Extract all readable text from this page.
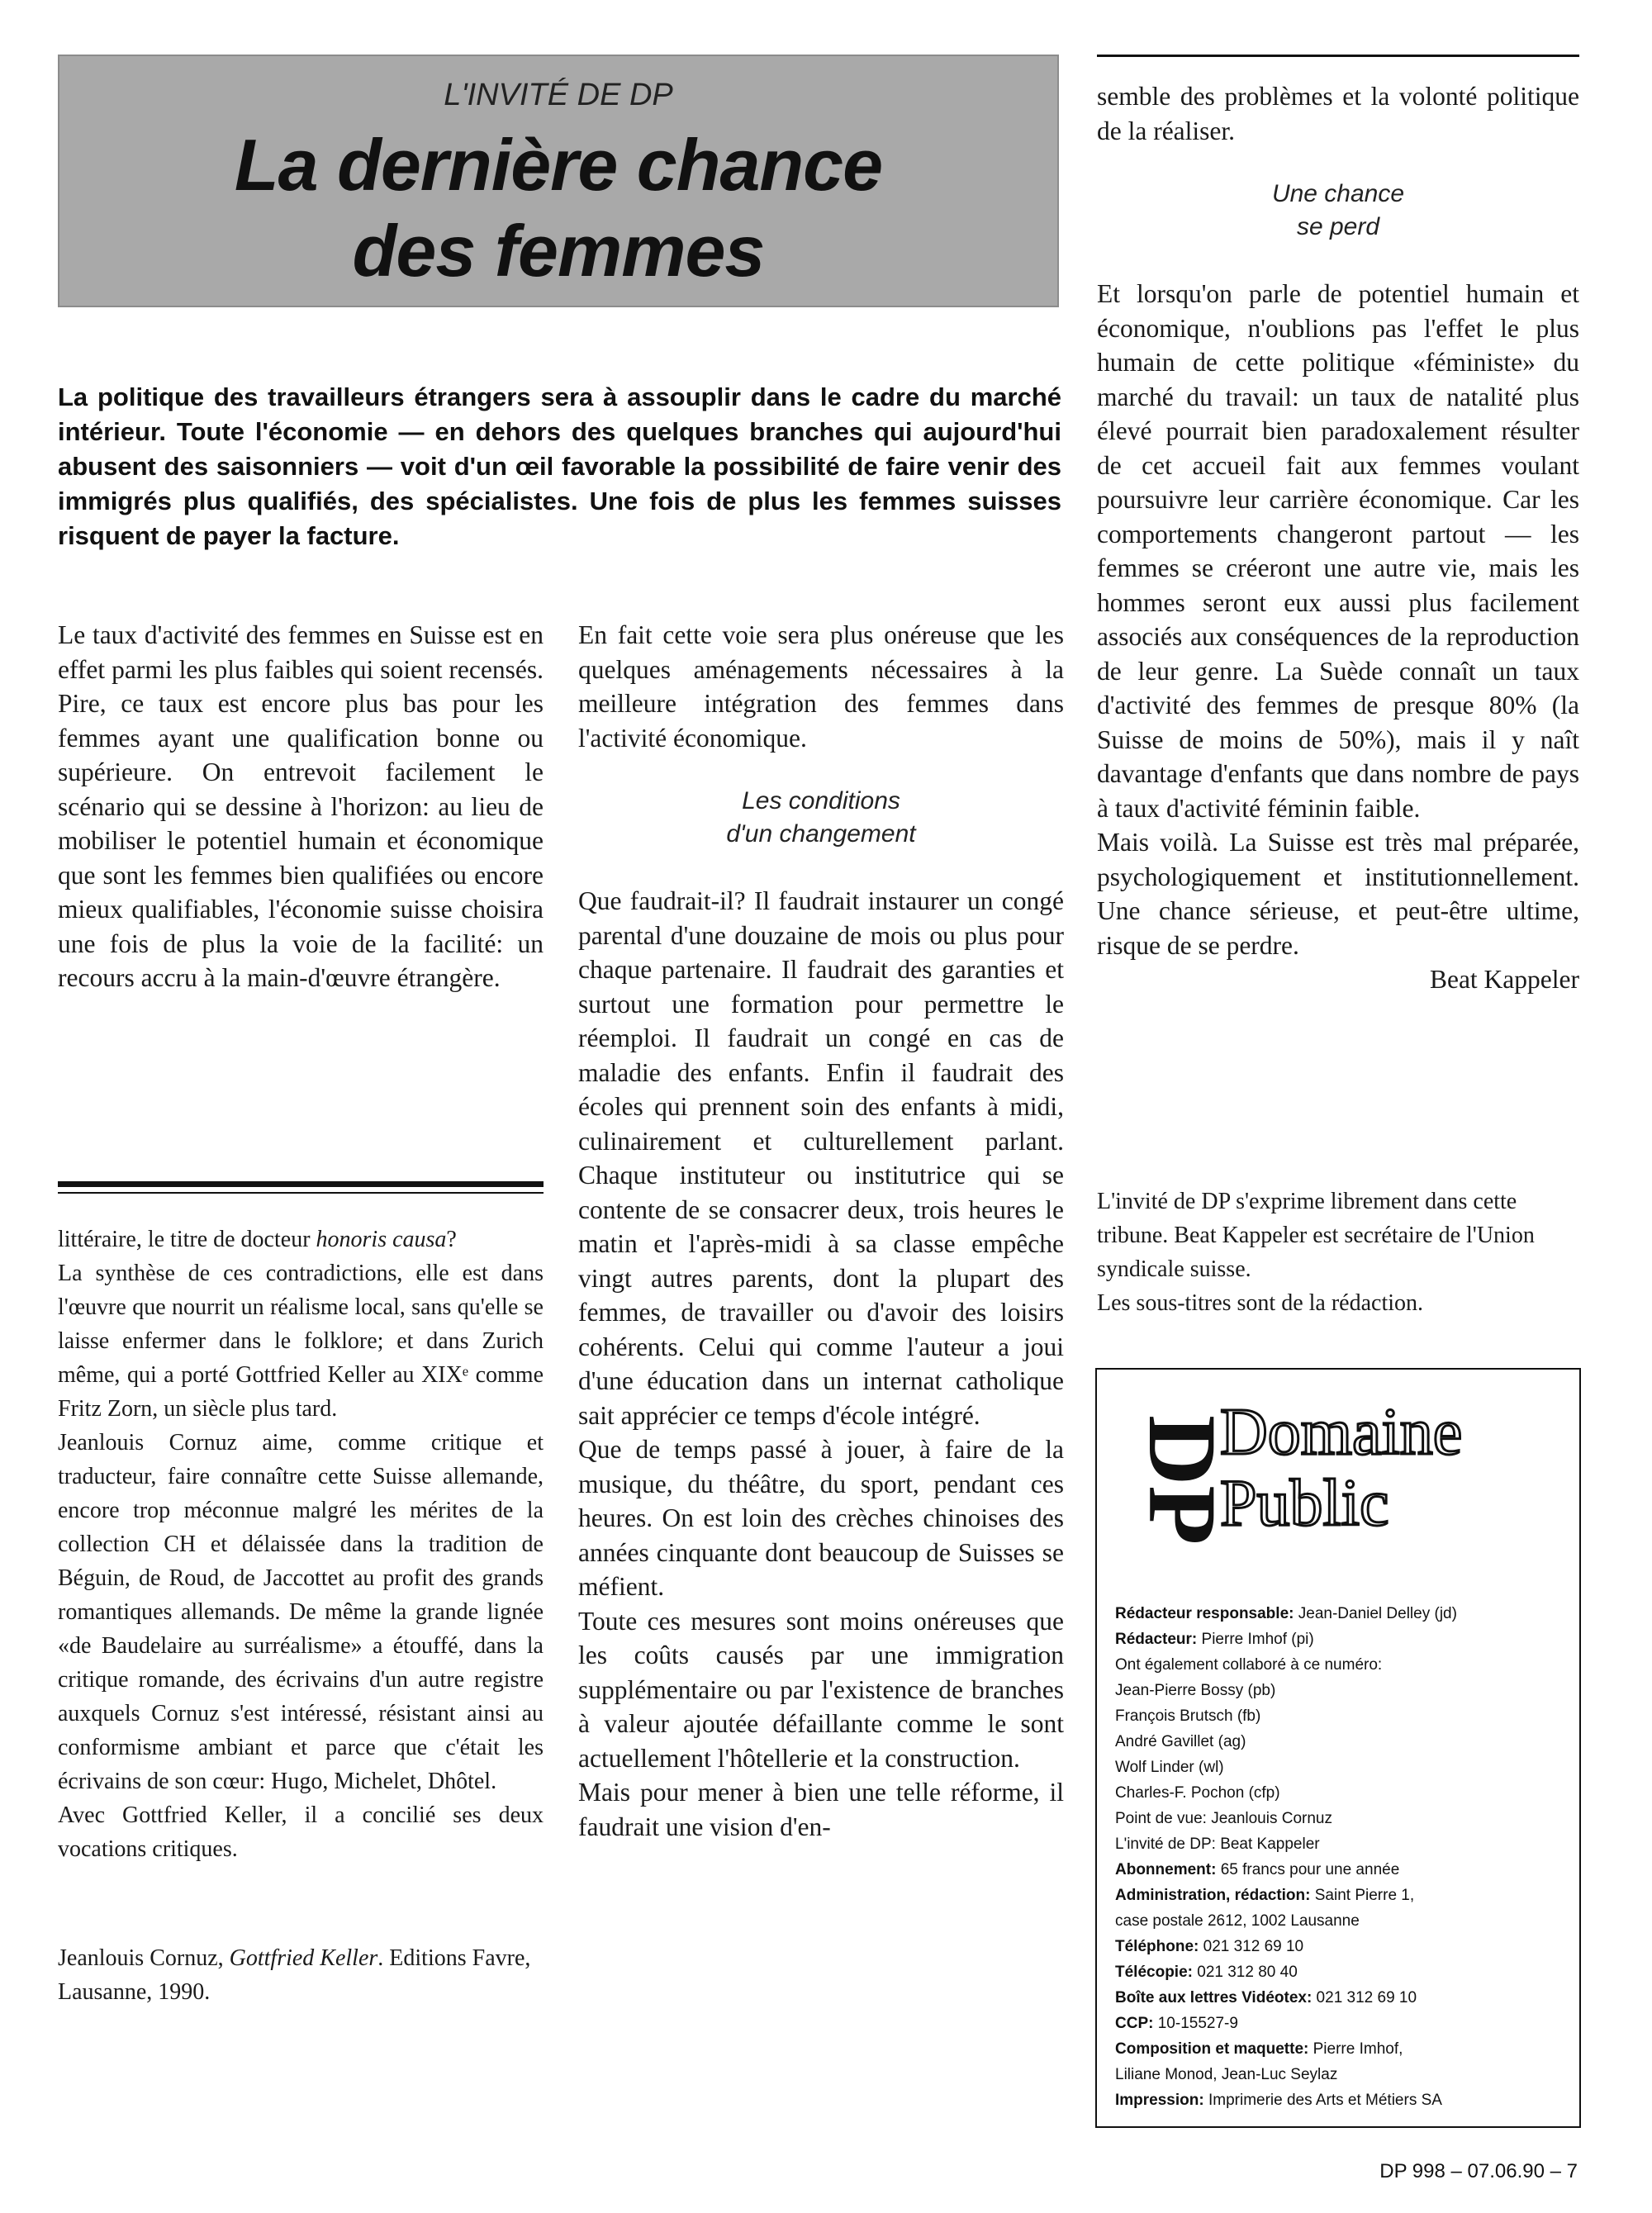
L'INVITÉ DE DP
La dernière chance
des femmes
La politique des travailleurs étrangers sera à assouplir dans le cadre du marché intérieur. Toute l'économie — en dehors des quelques branches qui aujourd'hui abusent des saisonniers — voit d'un œil favorable la possibilité de faire venir des immigrés plus qualifiés, des spécialistes. Une fois de plus les femmes suisses risquent de payer la facture.

Le taux d'activité des femmes en Suisse est en effet parmi les plus faibles qui soient recensés. Pire, ce taux est encore plus bas pour les femmes ayant une qualification bonne ou supérieure. On entrevoit facilement le scénario qui se dessine à l'horizon: au lieu de mobiliser le potentiel humain et économique que sont les femmes bien qualifiées ou encore mieux qualifiables, l'économie suisse choisira une fois de plus la voie de la facilité: un recours accru à la main-d'œuvre étrangère.

littéraire, le titre de docteur honoris causa?

La synthèse de ces contradictions, elle est dans l'œuvre que nourrit un réalisme local, sans qu'elle se laisse enfermer dans le folklore; et dans Zurich même, qui a porté Gottfried Keller au XIXᵉ comme Fritz Zorn, un siècle plus tard.

Jeanlouis Cornuz aime, comme critique et traducteur, faire connaître cette Suisse allemande, encore trop méconnue malgré les mérites de la collection CH et délaissée dans la tradition de Béguin, de Roud, de Jaccottet au profit des grands romantiques allemands. De même la grande lignée «de Baudelaire au surréalisme» a étouffé, dans la critique romande, des écrivains d'un autre registre auxquels Cornuz s'est intéressé, résistant ainsi au conformisme ambiant et parce que c'était les écrivains de son cœur: Hugo, Michelet, Dhôtel.

Avec Gottfried Keller, il a concilié ses deux vocations critiques.

Jeanlouis Cornuz, Gottfried Keller. Editions Favre, Lausanne, 1990.

En fait cette voie sera plus onéreuse que les quelques aménagements nécessaires à la meilleure intégration des femmes dans l'activité économique.

Les conditions
d'un changement

Que faudrait-il? Il faudrait instaurer un congé parental d'une douzaine de mois ou plus pour chaque partenaire. Il faudrait des garanties et surtout une formation pour permettre le réemploi. Il faudrait un congé en cas de maladie des enfants. Enfin il faudrait des écoles qui prennent soin des enfants à midi, culinairement et culturellement parlant. Chaque instituteur ou institutrice qui se contente de se consacrer deux, trois heures le matin et l'après-midi à sa classe empêche vingt autres parents, dont la plupart des femmes, de travailler ou d'avoir des loisirs cohérents. Celui qui comme l'auteur a joui d'une éducation dans un internat catholique sait apprécier ce temps d'école intégré.

Que de temps passé à jouer, à faire de la musique, du théâtre, du sport, pendant ces heures. On est loin des crèches chinoises des années cinquante dont beaucoup de Suisses se méfient.

Toute ces mesures sont moins onéreuses que les coûts causés par une immigration supplémentaire ou par l'existence de branches à valeur ajoutée défaillante comme le sont actuellement l'hôtellerie et la construction.

Mais pour mener à bien une telle réforme, il faudrait une vision d'en-

semble des problèmes et la volonté politique de la réaliser.

Une chance
se perd

Et lorsqu'on parle de potentiel humain et économique, n'oublions pas l'effet le plus humain de cette politique «féministe» du marché du travail: un taux de natalité plus élevé pourrait bien paradoxalement résulter de cet accueil fait aux femmes voulant poursuivre leur carrière économique. Car les comportements changeront partout — les femmes se créeront une autre vie, mais les hommes seront eux aussi plus facilement associés aux conséquences de la reproduction de leur genre. La Suède connaît un taux d'activité des femmes de presque 80% (la Suisse de moins de 50%), mais il y naît davantage d'enfants que dans nombre de pays à taux d'activité féminin faible.

Mais voilà. La Suisse est très mal préparée, psychologiquement et institutionnellement. Une chance sérieuse, et peut-être ultime, risque de se perdre.

Beat Kappeler

L'invité de DP s'exprime librement dans cette tribune. Beat Kappeler est secrétaire de l'Union syndicale suisse.

Les sous-titres sont de la rédaction.

DP
Domaine
Public
Rédacteur responsable: Jean-Daniel Delley (jd)
Rédacteur: Pierre Imhof (pi)
Ont également collaboré à ce numéro:
Jean-Pierre Bossy (pb)
François Brutsch (fb)
André Gavillet (ag)
Wolf Linder (wl)
Charles-F. Pochon (cfp)
Point de vue: Jeanlouis Cornuz
L'invité de DP: Beat Kappeler
Abonnement: 65 francs pour une année
Administration, rédaction: Saint Pierre 1,
case postale 2612, 1002 Lausanne
Téléphone: 021 312 69 10
Télécopie: 021 312 80 40
Boîte aux lettres Vidéotex: 021 312 69 10
CCP: 10-15527-9
Composition et maquette: Pierre Imhof,
Liliane Monod, Jean-Luc Seylaz
Impression: Imprimerie des Arts et Métiers SA
DP 998 – 07.06.90 – 7
